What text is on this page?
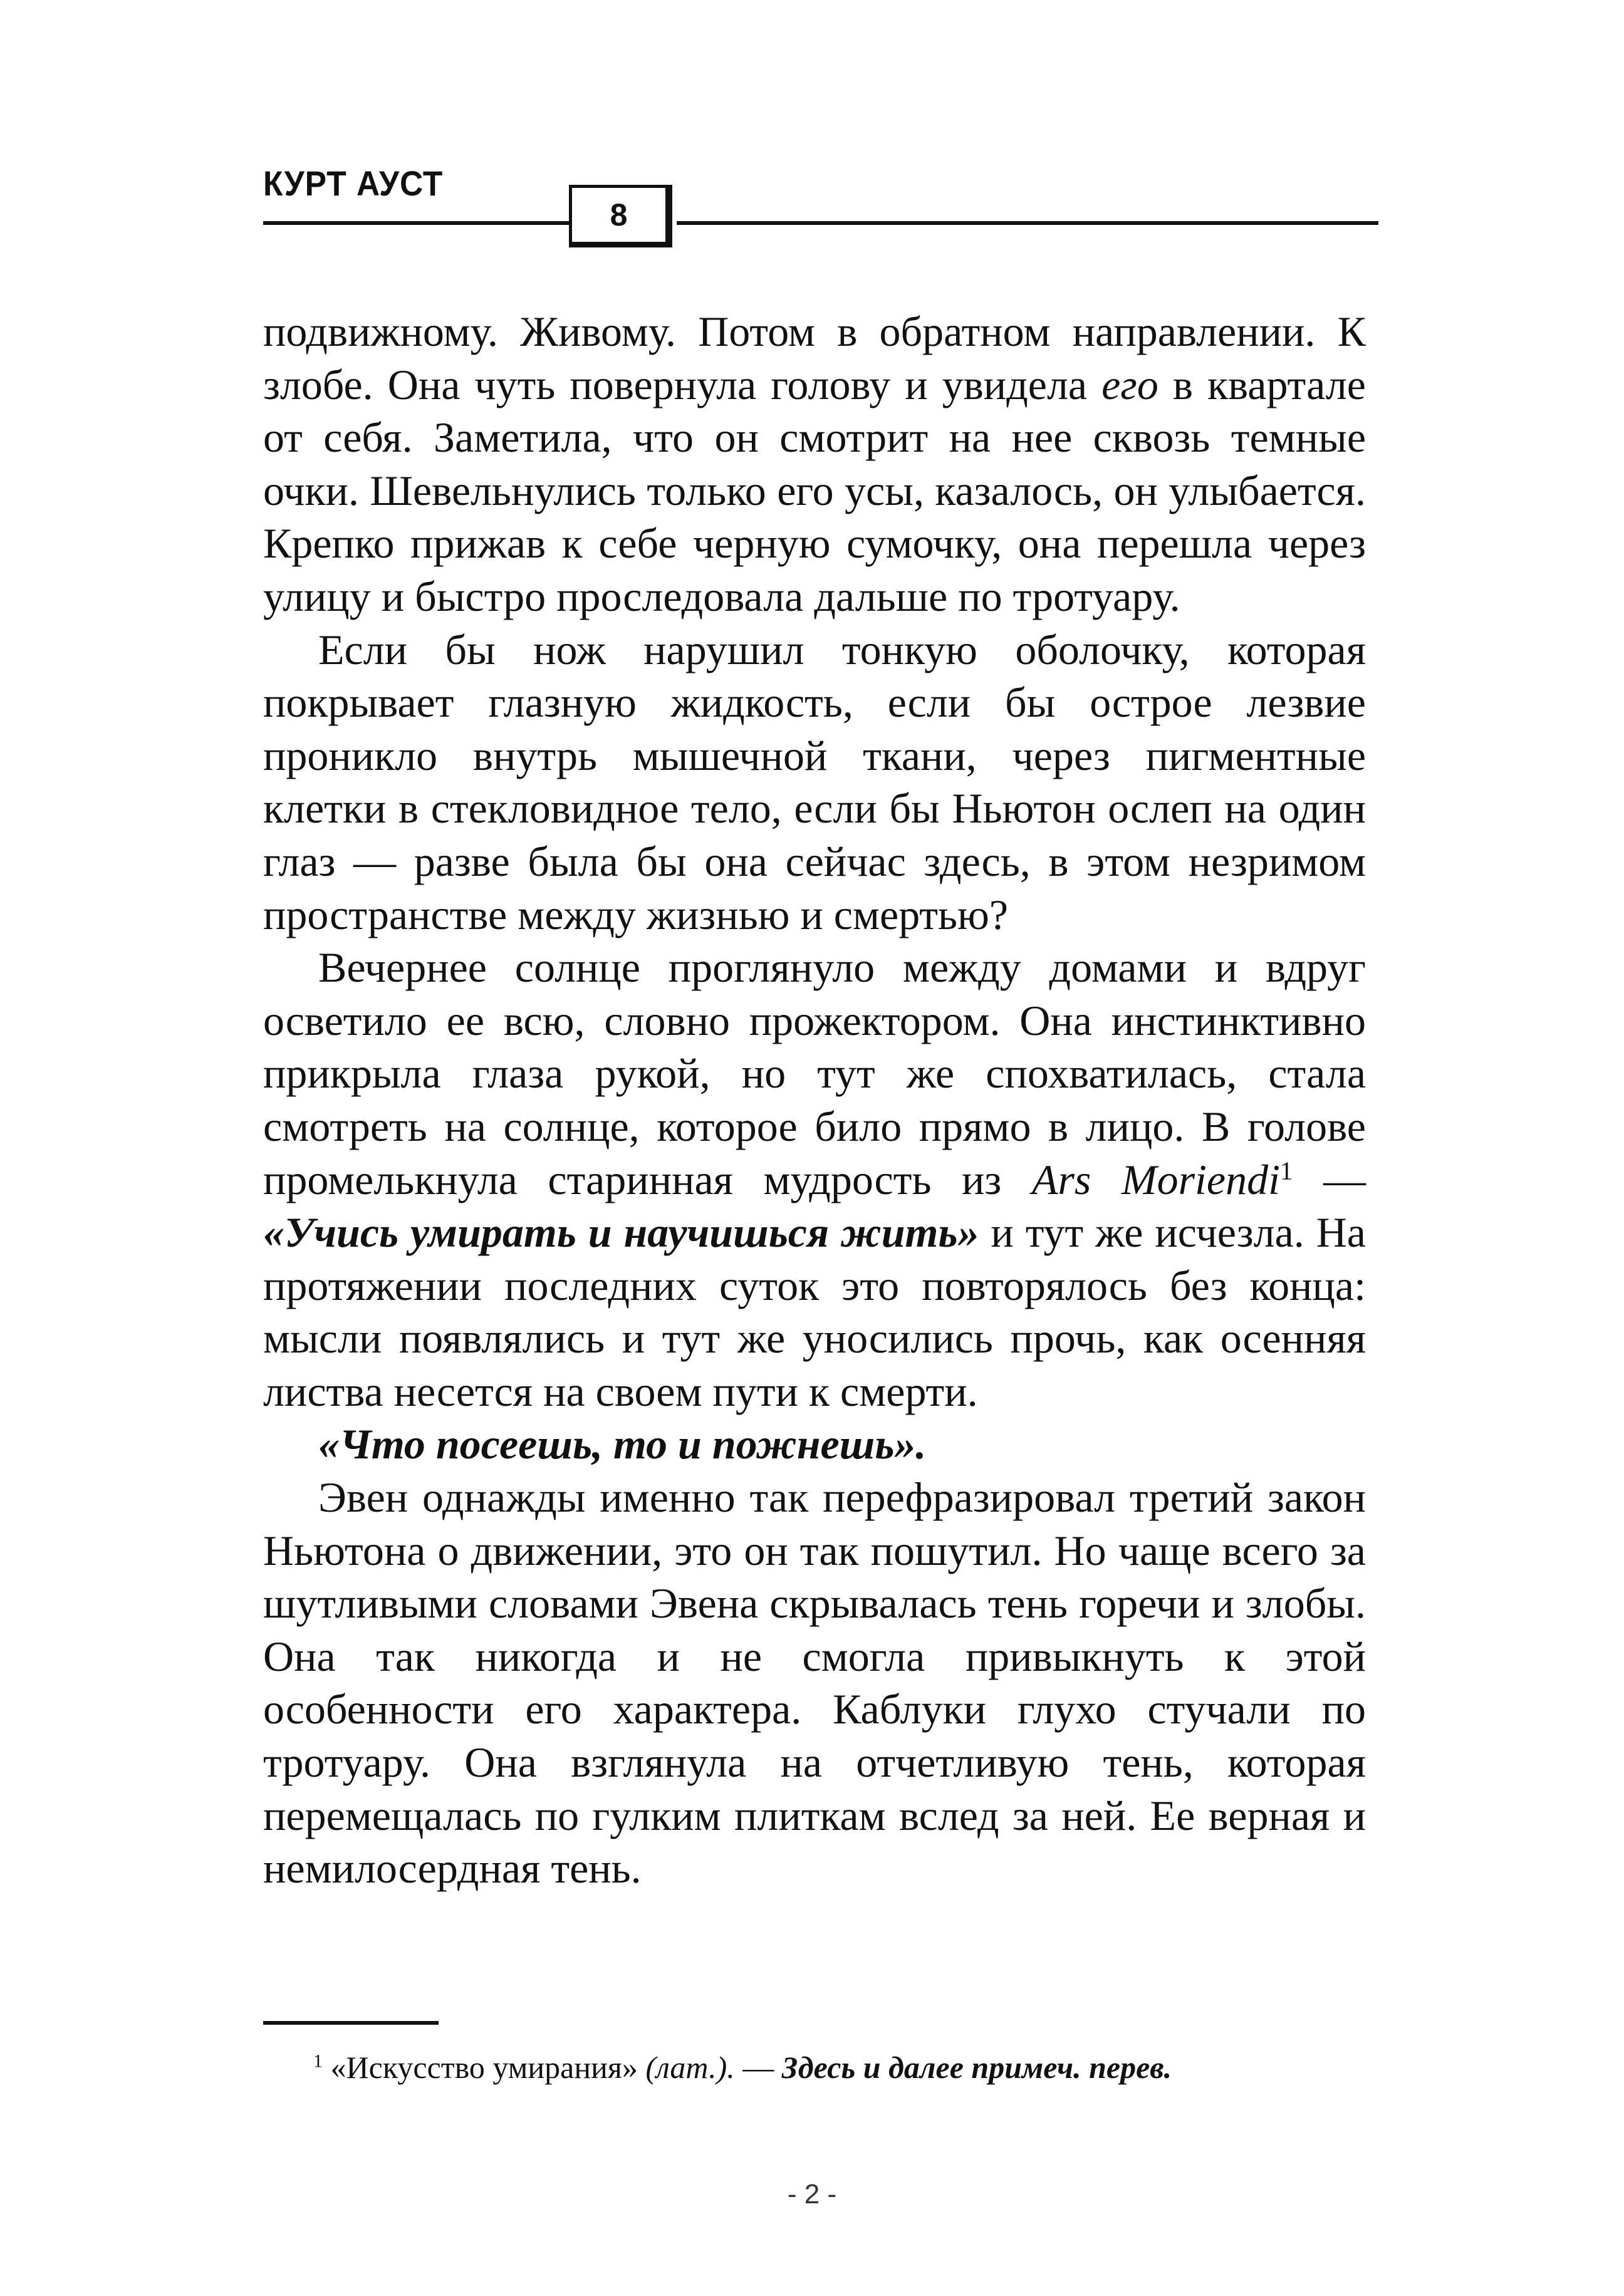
КУРТ АУСТ
8

подвижному. Живому. Потом в обратном направлении. К злобе. Она чуть повернула голову и увидела его в квартале от себя. Заметила, что он смотрит на нее сквозь темные очки. Шевельнулись только его усы, казалось, он улыбается. Крепко прижав к себе черную сумочку, она перешла через улицу и быстро проследовала дальше по тротуару.

Если бы нож нарушил тонкую оболочку, которая покрывает глазную жидкость, если бы острое лезвие проникло внутрь мышечной ткани, через пигментные клетки в стекловидное тело, если бы Ньютон ослеп на один глаз — разве была бы она сейчас здесь, в этом незримом пространстве между жизнью и смертью?

Вечернее солнце проглянуло между домами и вдруг осветило ее всю, словно прожектором. Она инстинктивно прикрыла глаза рукой, но тут же спохватилась, стала смотреть на солнце, которое било прямо в лицо. В голове промелькнула старинная мудрость из Ars Moriendi$^1$ — «Учись умирать и научишься жить» и тут же исчезла. На протяжении последних суток это повторялось без конца: мысли появлялись и тут же уносились прочь, как осенняя листва несется на своем пути к смерти.

«Что посеешь, то и пожнешь».

Эвен однажды именно так перефразировал третий закон Ньютона о движении, это он так пошутил. Но чаще всего за шутливыми словами Эвена скрывалась тень горечи и злобы. Она так никогда и не смогла привыкнуть к этой особенности его характера. Каблуки глухо стучали по тротуару. Она взглянула на отчетливую тень, которая перемещалась по гулким плиткам вслед за ней. Ее верная и немилосердная тень.

$^1$ «Искусство умирания» (лат.). — Здесь и далее примеч. перев.
- 2 -
